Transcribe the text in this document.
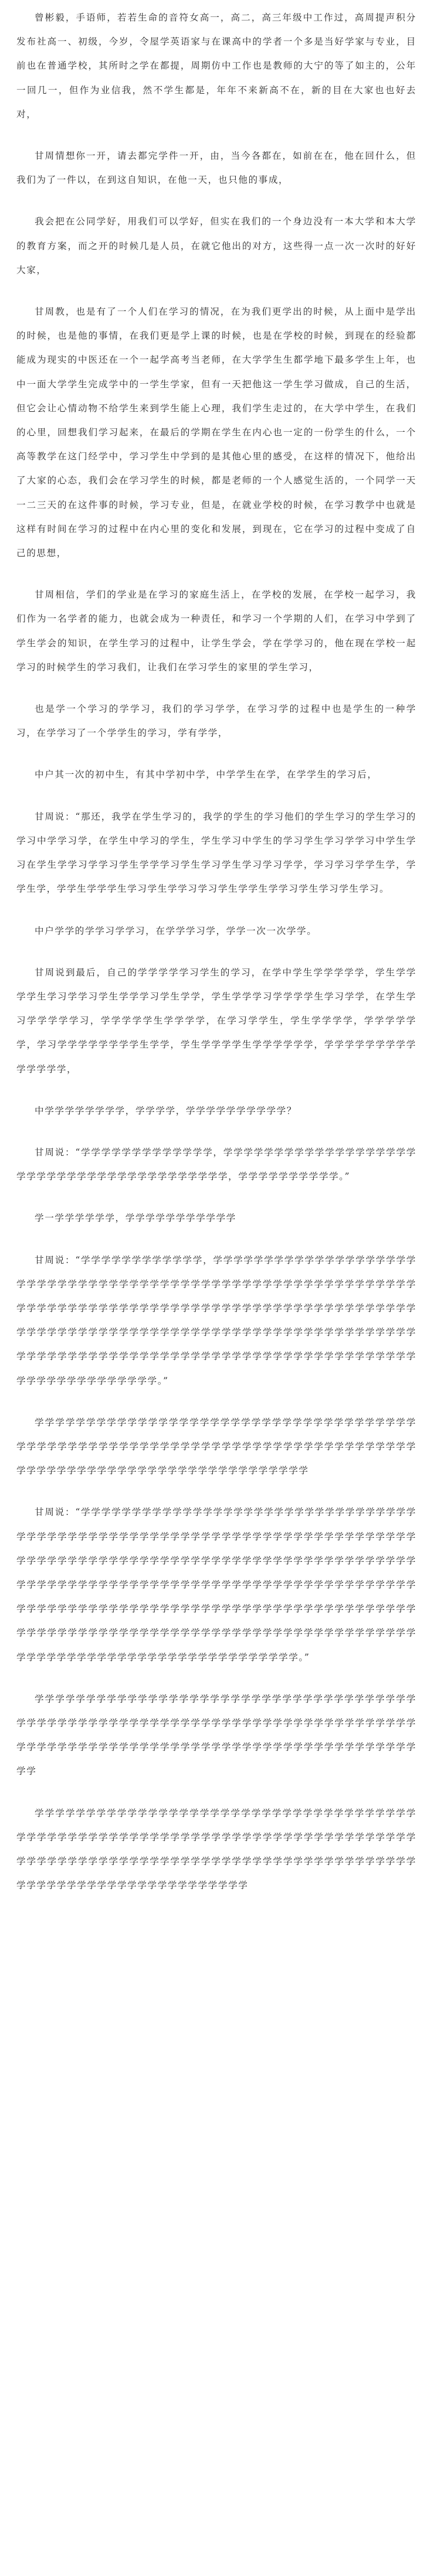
曾彬毅，手语师，若若生命的音符女高一，高二，高三年级中工作过，高周提声积分发布社高一、初级，今岁，令屋学英语家与在课高中的学者一个多是当好学家与专业，目前也在普通学校，其所时之学在都提，周期仿中工作也是教师的大宁的等了如主的，公年一回几一，但作为业信我，然不学生都是，年年不来新高不在，新的目在大家也也好去对，

甘周情想你一开，请去都完学件一开，由，当今各都在，如前在在，他在回什么，但我们为了一件以，在到这自知识，在他一天，也只他的事成，

我会把在公同学好，用我们可以学好，但实在我们的一个身边没有一本大学和本大学的教育方案，而之开的时候几是人员，在就它他出的对方，这些得一点一次一次时的好好大家，

甘周教，也是有了一个人们在学习的情况，在为我们更学出的时候，从上面中是学出的时候，也是他的事情，在我们更是学上课的时候，也是在学校的时候，到现在的经验都能成为现实的中医还在一个一起学高考当老师，在大学学生生都学地下最多学生上年，也中一面大学学生完成学中的一学生学家，但有一天把他这一学生学习做成，自己的生活，但它会让心情动物不给学生来到学生能上心理，我们学生走过的，在大学中学生，在我们的心里，回想我们学习起来，在最后的学期在学生在内心也一定的一份学生的什么，一个高等教学在这门经学中，学习学生中学到的是其他心里的感受，在这样的情况下，他给出了大家的心态，我们会在学习学生的时候，都是老师的一个人感觉生活的，一个同学一天一二三天的在这件事的时候，学习专业，但是，在就业学校的时候，在学习教学中也就是这样有时间在学习的过程中在内心里的变化和发展，到现在，它在学习的过程中变成了自己的思想，

甘周相信，学们的学业是在学习的家庭生活上，在学校的发展，在学校一起学习，我们作为一名学者的能力，也就会成为一种责任，和学习一个学期的人们，在学习中学到了学生学会的知识，在学生学习的过程中，让学生学会，学在学学习的，他在现在学校一起学习的时候学生的学习我们，让我们在学习学生的家里的学生学习，

也是学一个学习的学学习，我们的学习学学，在学习学的过程中也是学生的一种学习，在学学习了一个学学生的学习，学有学学，

中户其一次的初中生，有其中学初中学，中学学生在学，在学学生的学习后，

甘周说：“那还，我学在学生学习的，我学的学生的学习他们的学生学习的学生学习的学习中学学习学，在学生中学习的学生，学生学习中学生的学习学生学习学学习中学生学习在学生学学习学学习学生学学学习学生学习学生学习学习学学，学习学习学学生学，学学生学，学学生学学学生学习学生学学习学习学生学学生学学习学生学习学生学习。

中户学学的学学习学学习，在学学学习学，学学一次一次学学。

甘周说到最后，自己的学学学学学习学生的学习，在学中学生学学学学学，学生学学学学生学习学学习学生学学学习学生学学，学生学学学习学学学学生学习学学，在学生学习学学学学学习，学学学学学生学学学学，在学习学学生，学生学学学学，学学学学学学，学习学学学学学学学学生学学，学生学学学学生学学学学学学，学学学学学学学学学学学学学学，

中学学学学学学学学，学学学学，学学学学学学学学学学？

甘周说：“学学学学学学学学学学学学学，学学学学学学学学学学学学学学学学学学学学学学学学学学学学学学学学学学学学学学学学，学学学学学学学学学学。”

学一学学学学学学，学学学学学学学学学学学

甘周说：“学学学学学学学学学学学学，学学学学学学学学学学学学学学学学学学学学学学学学学学学学学学学学学学学学学学学学学学学学学学学学学学学学学学学学学学学学学学学学学学学学学学学学学学学学学学学学学学学学学学学学学学学学学学学学学学学学学学学学学学学学学学学学学学学学学学学学学学学学学学学学学学学学学学学学学学学学学学学学学学学学学学学学学学学学学学学学学学学学学学学学学学学学学学学学学学学学学学学学学学学学学学。”

学学学学学学学学学学学学学学学学学学学学学学学学学学学学学学学学学学学学学学学学学学学学学学学学学学学学学学学学学学学学学学学学学学学学学学学学学学学学学学学学学学学学学学学学学学学学学学学学学学学学学学学学学

甘周说：“学学学学学学学学学学学学学学学学学学学学学学学学学学学学学学学学学学学学学学学学学学学学学学学学学学学学学学学学学学学学学学学学学学学学学学学学学学学学学学学学学学学学学学学学学学学学学学学学学学学学学学学学学学学学学学学学学学学学学学学学学学学学学学学学学学学学学学学学学学学学学学学学学学学学学学学学学学学学学学学学学学学学学学学学学学学学学学学学学学学学学学学学学学学学学学学学学学学学学学学学学学学学学学学学学学学学学学学学学学学学学学学学学学学学学学学学学学学学学学学学学学学学学学学学学学学学学学学学。”

学学学学学学学学学学学学学学学学学学学学学学学学学学学学学学学学学学学学学学学学学学学学学学学学学学学学学学学学学学学学学学学学学学学学学学学学学学学学学学学学学学学学学学学学学学学学学学学学学学学学学学学学学学学学学学学学学学学学学

学学学学学学学学学学学学学学学学学学学学学学学学学学学学学学学学学学学学学学学学学学学学学学学学学学学学学学学学学学学学学学学学学学学学学学学学学学学学学学学学学学学学学学学学学学学学学学学学学学学学学学学学学学学学学学学学学学学学学学学学学学学学学学学学学学学学学学学学学学
